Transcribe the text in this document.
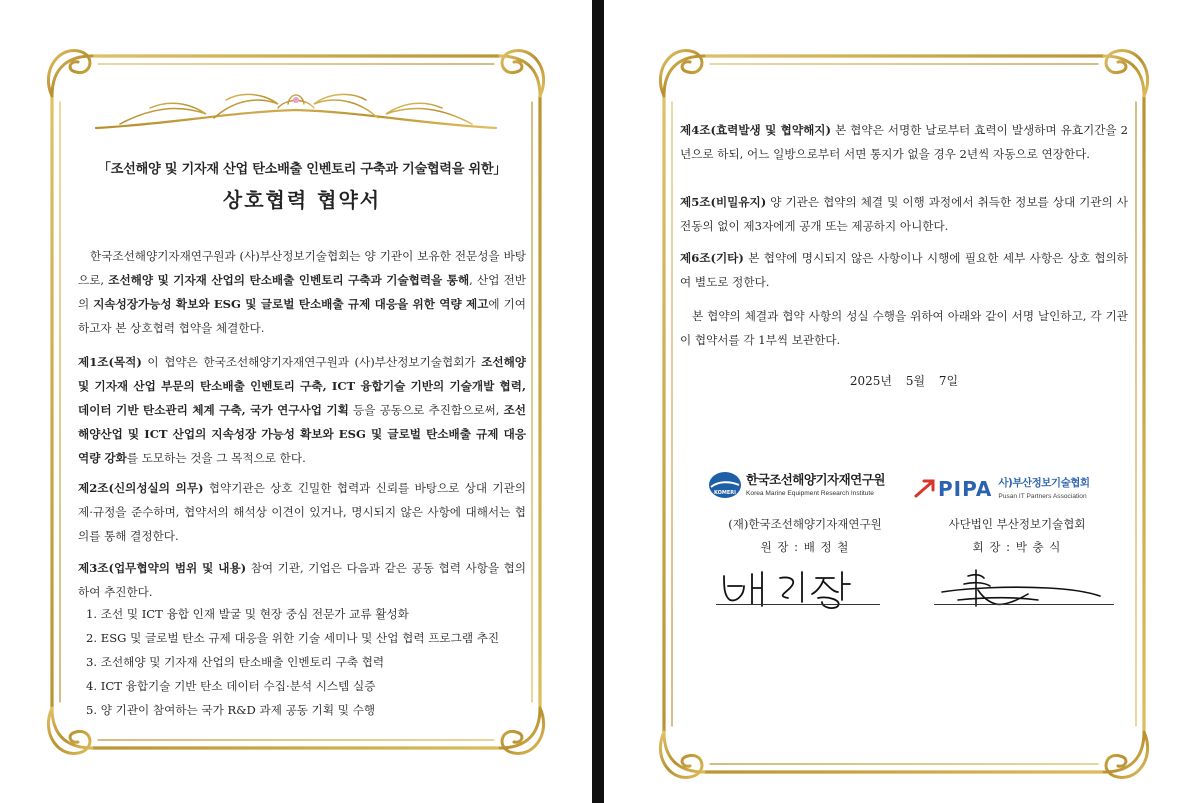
「조선해양 및 기자재 산업 탄소배출 인벤토리 구축과 기술협력을 위한」
상호협력 협약서

한국조선해양기자재연구원과 (사)부산정보기술협회는 양 기관이 보유한 전문성을 바탕으로, 조선해양 및 기자재 산업의 탄소배출 인벤토리 구축과 기술협력을 통해, 산업 전반의 지속성장가능성 확보와 ESG 및 글로벌 탄소배출 규제 대응을 위한 역량 제고에 기여하고자 본 상호협력 협약을 체결한다.

제1조(목적) 이 협약은 한국조선해양기자재연구원과 (사)부산정보기술협회가 조선해양 및 기자재 산업 부문의 탄소배출 인벤토리 구축, ICT 융합기술 기반의 기술개발 협력, 데이터 기반 탄소관리 체계 구축, 국가 연구사업 기획 등을 공동으로 추진함으로써, 조선해양산업 및 ICT 산업의 지속성장 가능성 확보와 ESG 및 글로벌 탄소배출 규제 대응 역량 강화를 도모하는 것을 그 목적으로 한다.

제2조(신의성실의 의무) 협약기관은 상호 긴밀한 협력과 신뢰를 바탕으로 상대 기관의 제·규정을 준수하며, 협약서의 해석상 이견이 있거나, 명시되지 않은 사항에 대해서는 협의를 통해 결정한다.

제3조(업무협약의 범위 및 내용) 참여 기관, 기업은 다음과 같은 공동 협력 사항을 협의하여 추진한다.

1. 조선 및 ICT 융합 인재 발굴 및 현장 중심 전문가 교류 활성화
2. ESG 및 글로벌 탄소 규제 대응을 위한 기술 세미나 및 산업 협력 프로그램 추진
3. 조선해양 및 기자재 산업의 탄소배출 인벤토리 구축 협력
4. ICT 융합기술 기반 탄소 데이터 수집·분석 시스템 실증
5. 양 기관이 참여하는 국가 R&D 과제 공동 기획 및 수행

제4조(효력발생 및 협약해지) 본 협약은 서명한 날로부터 효력이 발생하며 유효기간을 2년으로 하되, 어느 일방으로부터 서면 통지가 없을 경우 2년씩 자동으로 연장한다.

제5조(비밀유지) 양 기관은 협약의 체결 및 이행 과정에서 취득한 정보를 상대 기관의 사전동의 없이 제3자에게 공개 또는 제공하지 아니한다.

제6조(기타) 본 협약에 명시되지 않은 사항이나 시행에 필요한 세부 사항은 상호 협의하여 별도로 정한다.

본 협약의 체결과 협약 사항의 성실 수행을 위하여 아래와 같이 서명 날인하고, 각 기관이 협약서를 각 1부씩 보관한다.

2025년 5월 7일
KOMERI
한국조선해양기자재연구원
Korea Marine Equipment Research Institute	PIPA 사)부산정보기술협회
Pusan IT Partners Association
(재)한국조선해양기자재연구원	사단법인 부산정보기술협회
원 장 : 배 정 철	회 장 : 박 충 식
